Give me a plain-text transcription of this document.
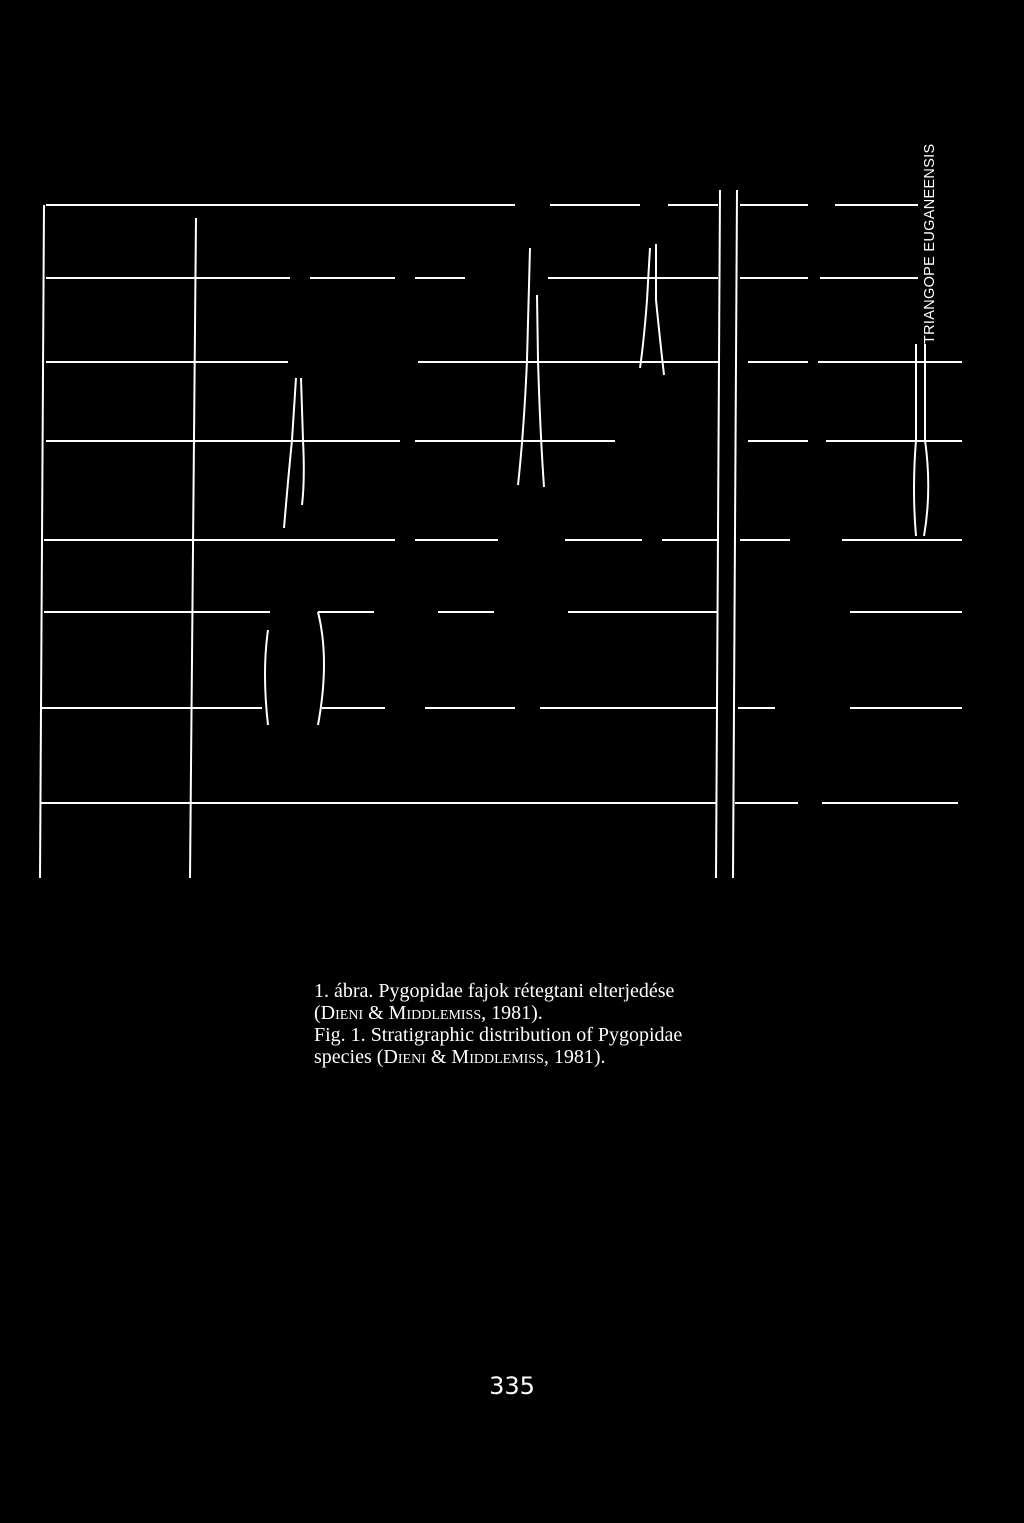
TRIANGOPE EUGANEENSIS
1. ábra. Pygopidae fajok rétegtani elterjedése
(Dieni & Middlemiss, 1981).
Fig. 1. Stratigraphic distribution of Pygopidae
species (Dieni & Middlemiss, 1981).
335
